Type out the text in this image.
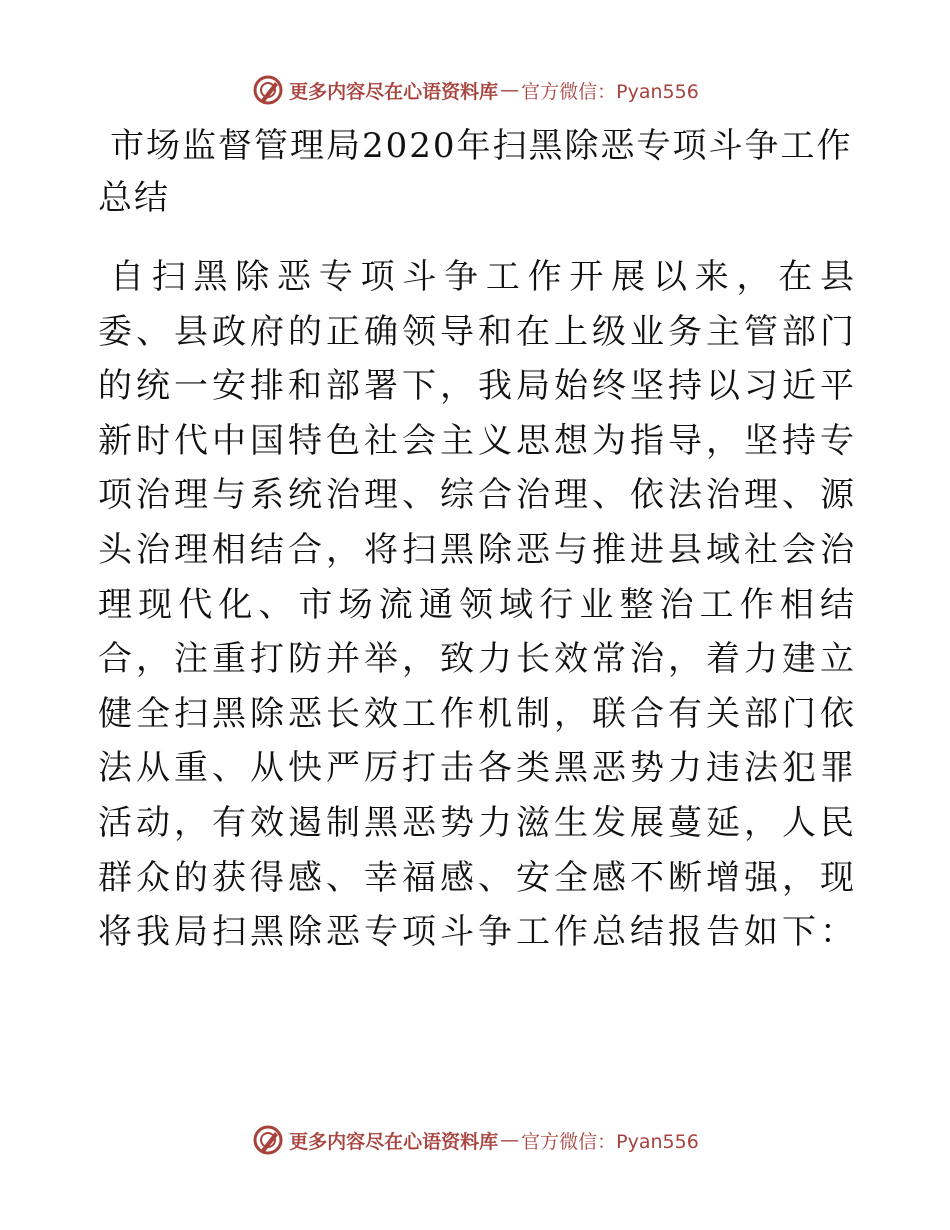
更多内容尽在心语资料库 — 官方微信：Pyan556
市场监督管理局2020年扫黑除恶专项斗争工作总结

自扫黑除恶专项斗争工作开展以来，在县委、县政府的正确领导和在上级业务主管部门的统一安排和部署下，我局始终坚持以习近平新时代中国特色社会主义思想为指导，坚持专项治理与系统治理、综合治理、依法治理、源头治理相结合，将扫黑除恶与推进县域社会治理现代化、市场流通领域行业整治工作相结合，注重打防并举，致力长效常治，着力建立健全扫黑除恶长效工作机制，联合有关部门依法从重、从快严厉打击各类黑恶势力违法犯罪活动，有效遏制黑恶势力滋生发展蔓延，人民群众的获得感、幸福感、安全感不断增强，现将我局扫黑除恶专项斗争工作总结报告如下：

更多内容尽在心语资料库 — 官方微信：Pyan556
